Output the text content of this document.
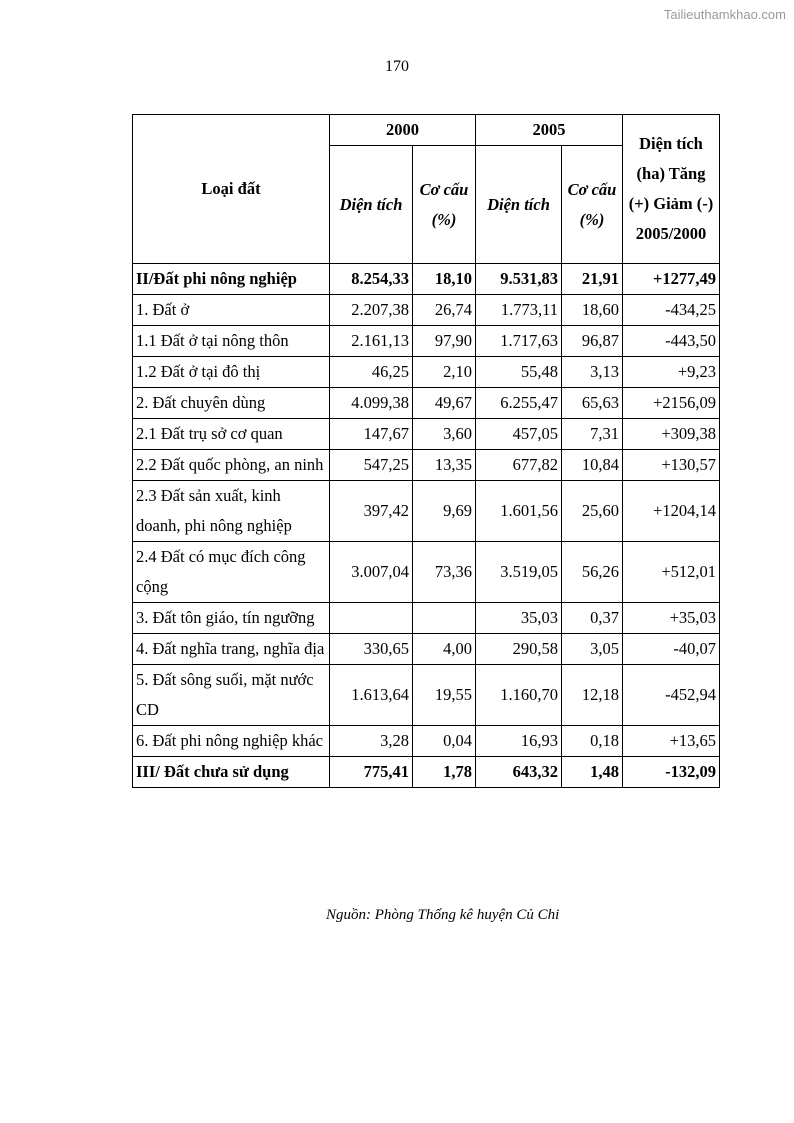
Tailieuthamkhao.com
170
Loại đất	2000		2005		Diện tích (ha) Tăng (+) Giảm (-) 2005/2000
	Diện tích	Cơ cấu (%)	Diện tích	Cơ cấu (%)	
II/Đất phi nông nghiệp	8.254,33	18,10	9.531,83	21,91	+1277,49
1. Đất ở	2.207,38	26,74	1.773,11	18,60	-434,25
1.1 Đất ở tại nông thôn	2.161,13	97,90	1.717,63	96,87	-443,50
1.2 Đất ở tại đô thị	46,25	2,10	55,48	3,13	+9,23
2. Đất chuyên dùng	4.099,38	49,67	6.255,47	65,63	+2156,09
2.1 Đất trụ sở cơ quan	147,67	3,60	457,05	7,31	+309,38
2.2 Đất quốc phòng, an ninh	547,25	13,35	677,82	10,84	+130,57
2.3 Đất sản xuất, kinh doanh, phi nông nghiệp	397,42	9,69	1.601,56	25,60	+1204,14
2.4 Đất có mục đích công cộng	3.007,04	73,36	3.519,05	56,26	+512,01
3. Đất tôn giáo, tín ngưỡng			35,03	0,37	+35,03
4. Đất nghĩa trang, nghĩa địa	330,65	4,00	290,58	3,05	-40,07
5. Đất sông suối, mặt nước CD	1.613,64	19,55	1.160,70	12,18	-452,94
6. Đất phi nông nghiệp khác	3,28	0,04	16,93	0,18	+13,65
III/ Đất chưa sử dụng	775,41	1,78	643,32	1,48	-132,09
Nguồn: Phòng Thống kê huyện Củ Chi
